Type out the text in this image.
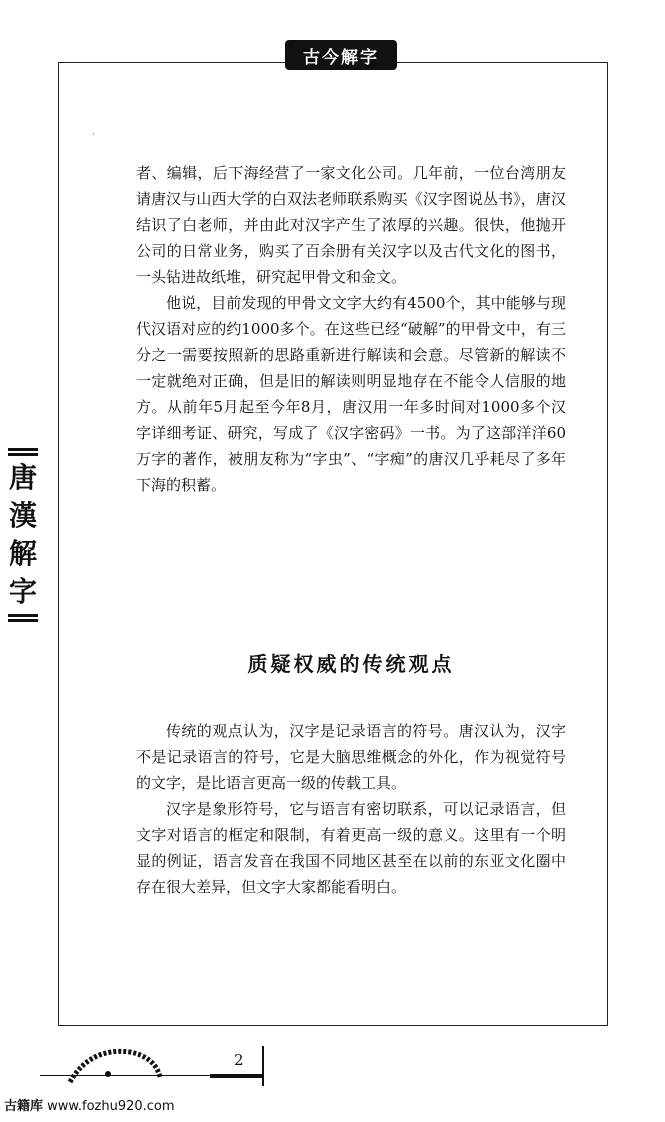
古今解字
·
唐
漢
解
字

者、编辑，后下海经营了一家文化公司。几年前，一位台湾朋友请唐汉与山西大学的白双法老师联系购买《汉字图说丛书》，唐汉结识了白老师，并由此对汉字产生了浓厚的兴趣。很快，他抛开公司的日常业务，购买了百余册有关汉字以及古代文化的图书，一头钻进故纸堆，研究起甲骨文和金文。

他说，目前发现的甲骨文文字大约有4500个，其中能够与现代汉语对应的约1000多个。在这些已经“破解”的甲骨文中，有三分之一需要按照新的思路重新进行解读和会意。尽管新的解读不一定就绝对正确，但是旧的解读则明显地存在不能令人信服的地方。从前年5月起至今年8月，唐汉用一年多时间对1000多个汉字详细考证、研究，写成了《汉字密码》一书。为了这部洋洋60万字的著作，被朋友称为“字虫”、“字痴”的唐汉几乎耗尽了多年下海的积蓄。

质疑权威的传统观点

传统的观点认为，汉字是记录语言的符号。唐汉认为，汉字不是记录语言的符号，它是大脑思维概念的外化，作为视觉符号的文字，是比语言更高一级的传载工具。

汉字是象形符号，它与语言有密切联系，可以记录语言，但文字对语言的框定和限制，有着更高一级的意义。这里有一个明显的例证，语言发音在我国不同地区甚至在以前的东亚文化圈中存在很大差异，但文字大家都能看明白。

2
古籍库 www.fozhu920.com
